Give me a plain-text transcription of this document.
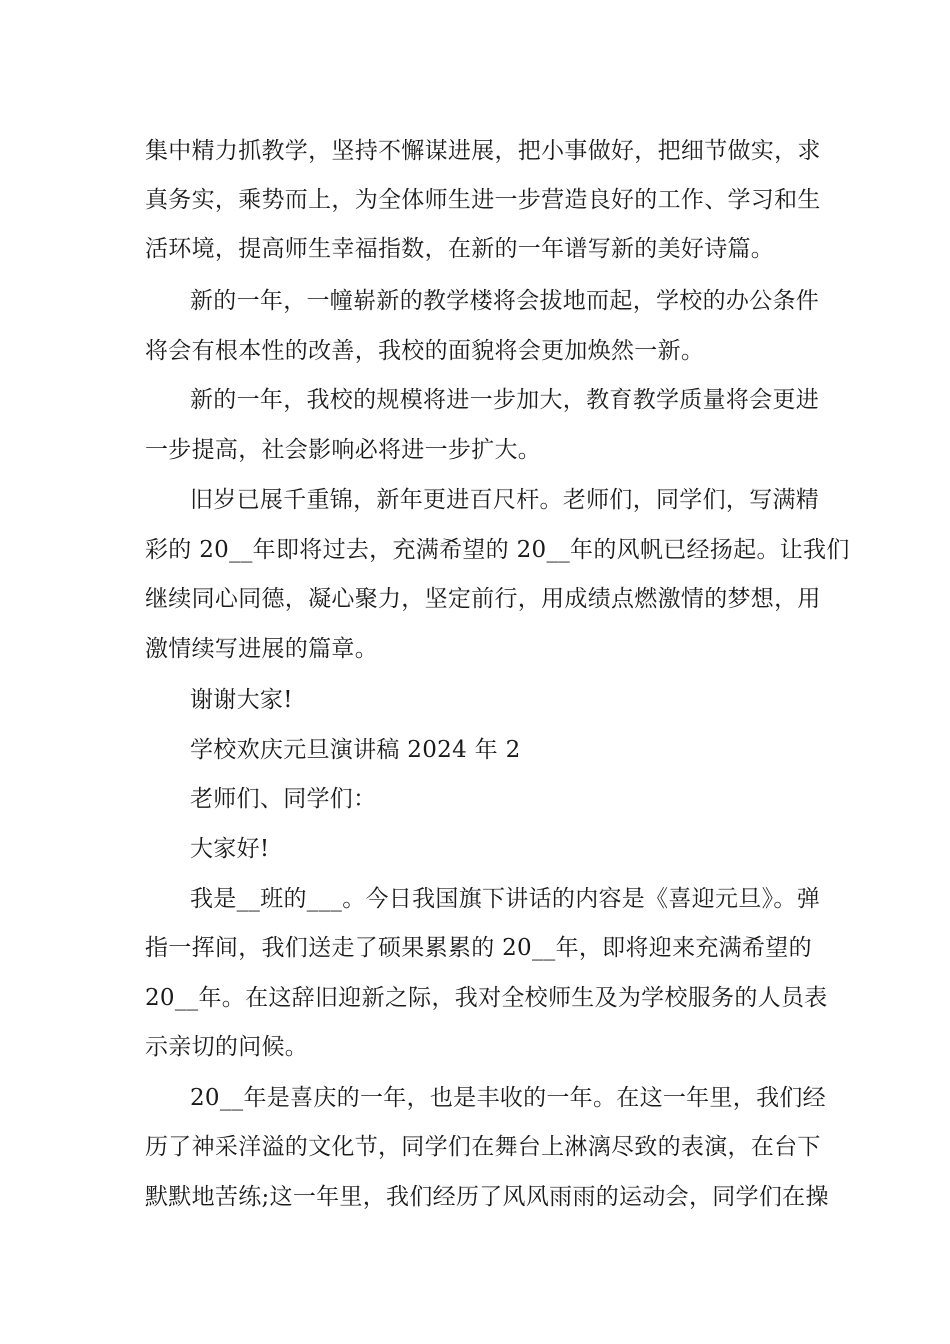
集中精力抓教学，坚持不懈谋进展，把小事做好，把细节做实，求
真务实，乘势而上，为全体师生进一步营造良好的工作、学习和生
活环境，提高师生幸福指数，在新的一年谱写新的美好诗篇。
新的一年，一幢崭新的教学楼将会拔地而起，学校的办公条件
将会有根本性的改善，我校的面貌将会更加焕然一新。
新的一年，我校的规模将进一步加大，教育教学质量将会更进
一步提高，社会影响必将进一步扩大。
旧岁已展千重锦，新年更进百尺杆。老师们，同学们，写满精
彩的 20__年即将过去，充满希望的 20__年的风帆已经扬起。让我们
继续同心同德，凝心聚力，坚定前行，用成绩点燃激情的梦想，用
激情续写进展的篇章。
谢谢大家!
学校欢庆元旦演讲稿 2024 年 2
老师们、同学们：
大家好!
我是__班的___。今日我国旗下讲话的内容是《喜迎元旦》。弹
指一挥间，我们送走了硕果累累的 20__年，即将迎来充满希望的
20__年。在这辞旧迎新之际，我对全校师生及为学校服务的人员表
示亲切的问候。
20__年是喜庆的一年，也是丰收的一年。在这一年里，我们经
历了神采洋溢的文化节，同学们在舞台上淋漓尽致的表演，在台下
默默地苦练;这一年里，我们经历了风风雨雨的运动会，同学们在操
